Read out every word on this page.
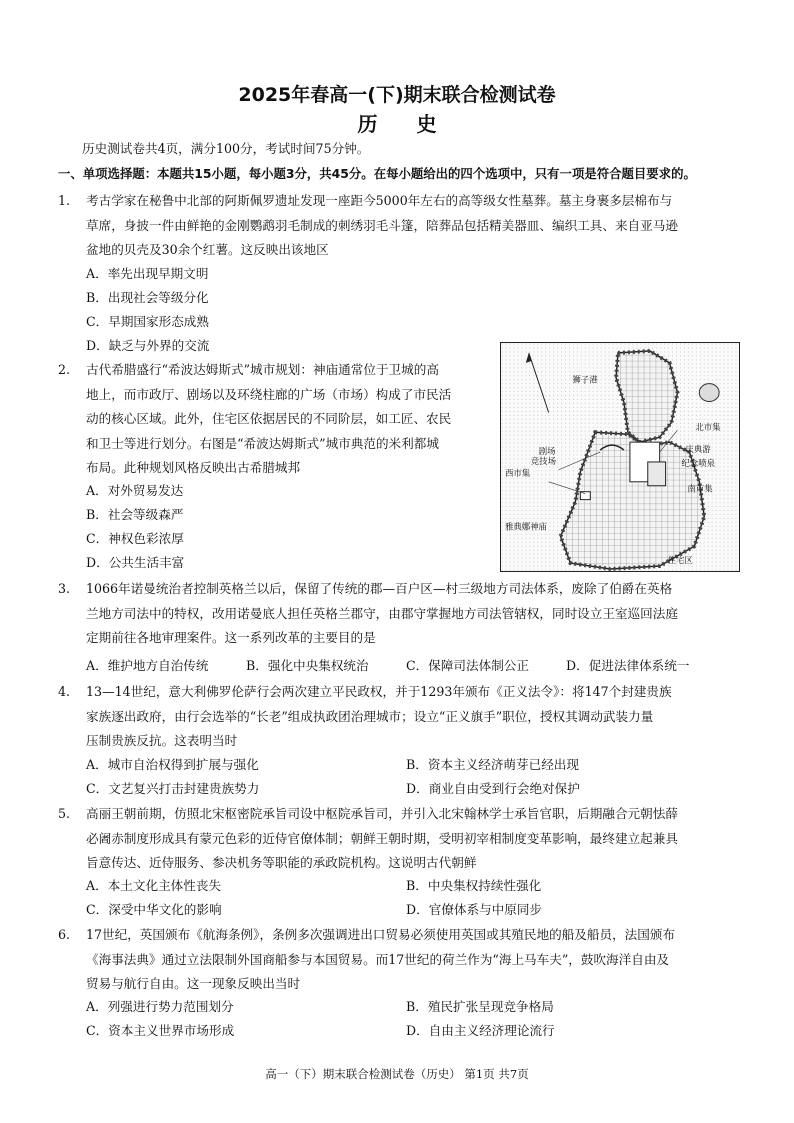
2025年春高一(下)期末联合检测试卷
历 史
历史测试卷共4页，满分100分，考试时间75分钟。
一、单项选择题：本题共15小题，每小题3分，共45分。在每小题给出的四个选项中，只有一项是符合题目要求的。
1. 考古学家在秘鲁中北部的阿斯佩罗遗址发现一座距今5000年左右的高等级女性墓葬。墓主身裹多层棉布与
草席，身披一件由鲜艳的金刚鹦鹉羽毛制成的刺绣羽毛斗篷，陪葬品包括精美器皿、编织工具、来自亚马逊
盆地的贝壳及30余个红薯。这反映出该地区
A．率先出现早期文明
B．出现社会等级分化
C．早期国家形态成熟
D．缺乏与外界的交流
2. 古代希腊盛行“希波达姆斯式”城市规划：神庙通常位于卫城的高
地上，而市政厅、剧场以及环绕柱廊的广场（市场）构成了市民活
动的核心区域。此外，住宅区依据居民的不同阶层，如工匠、农民
和卫士等进行划分。右图是“希波达姆斯式”城市典范的米利都城
布局。此种规划风格反映出古希腊城邦
A．对外贸易发达
B．社会等级森严
C．神权色彩浓厚
D．公共生活丰富
狮子港
剧场
竞技场
西市集
北市集
庆典游
纪念喷泉
南市集
雅典娜神庙
住宅区
3. 1066年诺曼统治者控制英格兰以后，保留了传统的郡—百户区—村三级地方司法体系，废除了伯爵在英格
兰地方司法中的特权，改用诺曼底人担任英格兰郡守，由郡守掌握地方司法管辖权，同时设立王室巡回法庭
定期前往各地审理案件。这一系列改革的主要目的是
A．维护地方自治传统	B．强化中央集权统治	C．保障司法体制公正	D．促进法律体系统一
4. 13—14世纪，意大利佛罗伦萨行会两次建立平民政权，并于1293年颁布《正义法令》：将147个封建贵族
家族逐出政府，由行会选举的“长老”组成执政团治理城市；设立“正义旗手”职位，授权其调动武装力量
压制贵族反抗。这表明当时
A．城市自治权得到扩展与强化	B．资本主义经济萌芽已经出现
C．文艺复兴打击封建贵族势力	D．商业自由受到行会绝对保护
5. 高丽王朝前期，仿照北宋枢密院承旨司设中枢院承旨司，并引入北宋翰林学士承旨官职，后期融合元朝怯薛
必阇赤制度形成具有蒙元色彩的近侍官僚体制；朝鲜王朝时期，受明初宰相制度变革影响，最终建立起兼具
旨意传达、近侍服务、参决机务等职能的承政院机构。这说明古代朝鲜
A．本土文化主体性丧失	B．中央集权持续性强化
C．深受中华文化的影响	D．官僚体系与中原同步
6. 17世纪，英国颁布《航海条例》，条例多次强调进出口贸易必须使用英国或其殖民地的船及船员，法国颁布
《海事法典》通过立法限制外国商船参与本国贸易。而17世纪的荷兰作为“海上马车夫”，鼓吹海洋自由及
贸易与航行自由。这一现象反映出当时
A．列强进行势力范围划分	B．殖民扩张呈现竞争格局
C．资本主义世界市场形成	D．自由主义经济理论流行
高一（下）期末联合检测试卷（历史） 第1页 共7页
